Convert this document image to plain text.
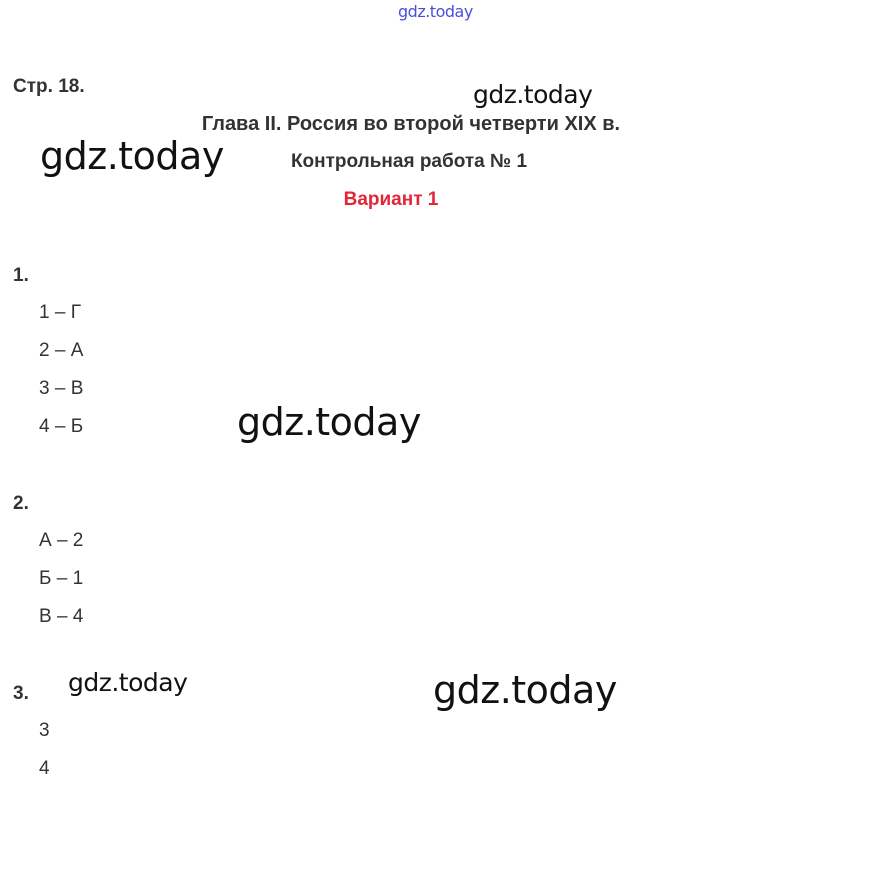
gdz.today
gdz.today
gdz.today
gdz.today
gdz.today	gdz.today
Стр. 18.
Глава II. Россия во второй четверти XIX в.
Контрольная работа № 1
Вариант 1
1.
1 – Г
2 – А
3 – В
4 – Б
2.
А – 2
Б – 1
В – 4
3.
3
4
